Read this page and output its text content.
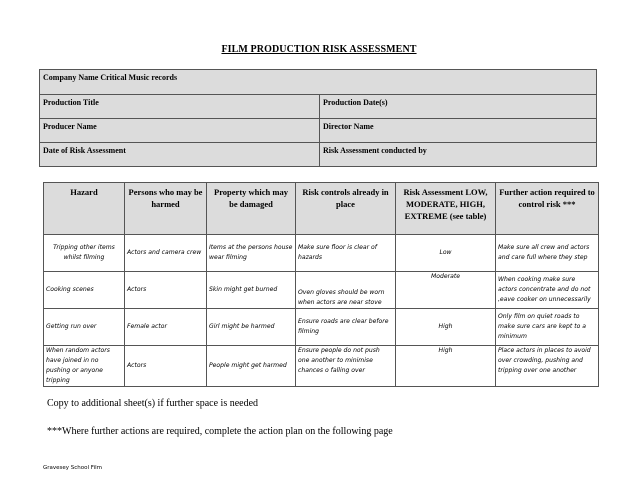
FILM PRODUCTION RISK ASSESSMENT
Company Name Critical Music records	
Production Title	Production Date(s)
Producer Name	Director Name
Date of Risk Assessment	Risk Assessment conducted by
Hazard	Persons who may be harmed	Property which may be damaged	Risk controls already in place	Risk Assessment LOW, MODERATE, HIGH, EXTREME (see table)	Further action required to control risk ***
Tripping other items whilst filming	Actors and camera crew	Items at the persons house wear filming	Make sure floor is clear of hazards	Low	Make sure all crew and actors and care full where they step
Cooking scenes	Actors	Skin might get burned	Oven gloves should be worn when actors are near stove	Moderate	When cooking make sure actors concentrate and do not ,eave cooker on unnecessarily
Getting run over	Female actor	Girl might be harmed	Ensure roads are clear before filming	High	Only film on quiet roads to make sure cars are kept to a minimum
When random actors have joined in no pushing or anyone tripping	Actors	People might get harmed	Ensure people do not push one another to minimise chances o falling over	High	Place actors in places to avoid over crowding, pushing and tripping over one another
Copy to additional sheet(s) if further space is needed
***Where further actions are required, complete the action plan on the following page
Gravesey School Film
